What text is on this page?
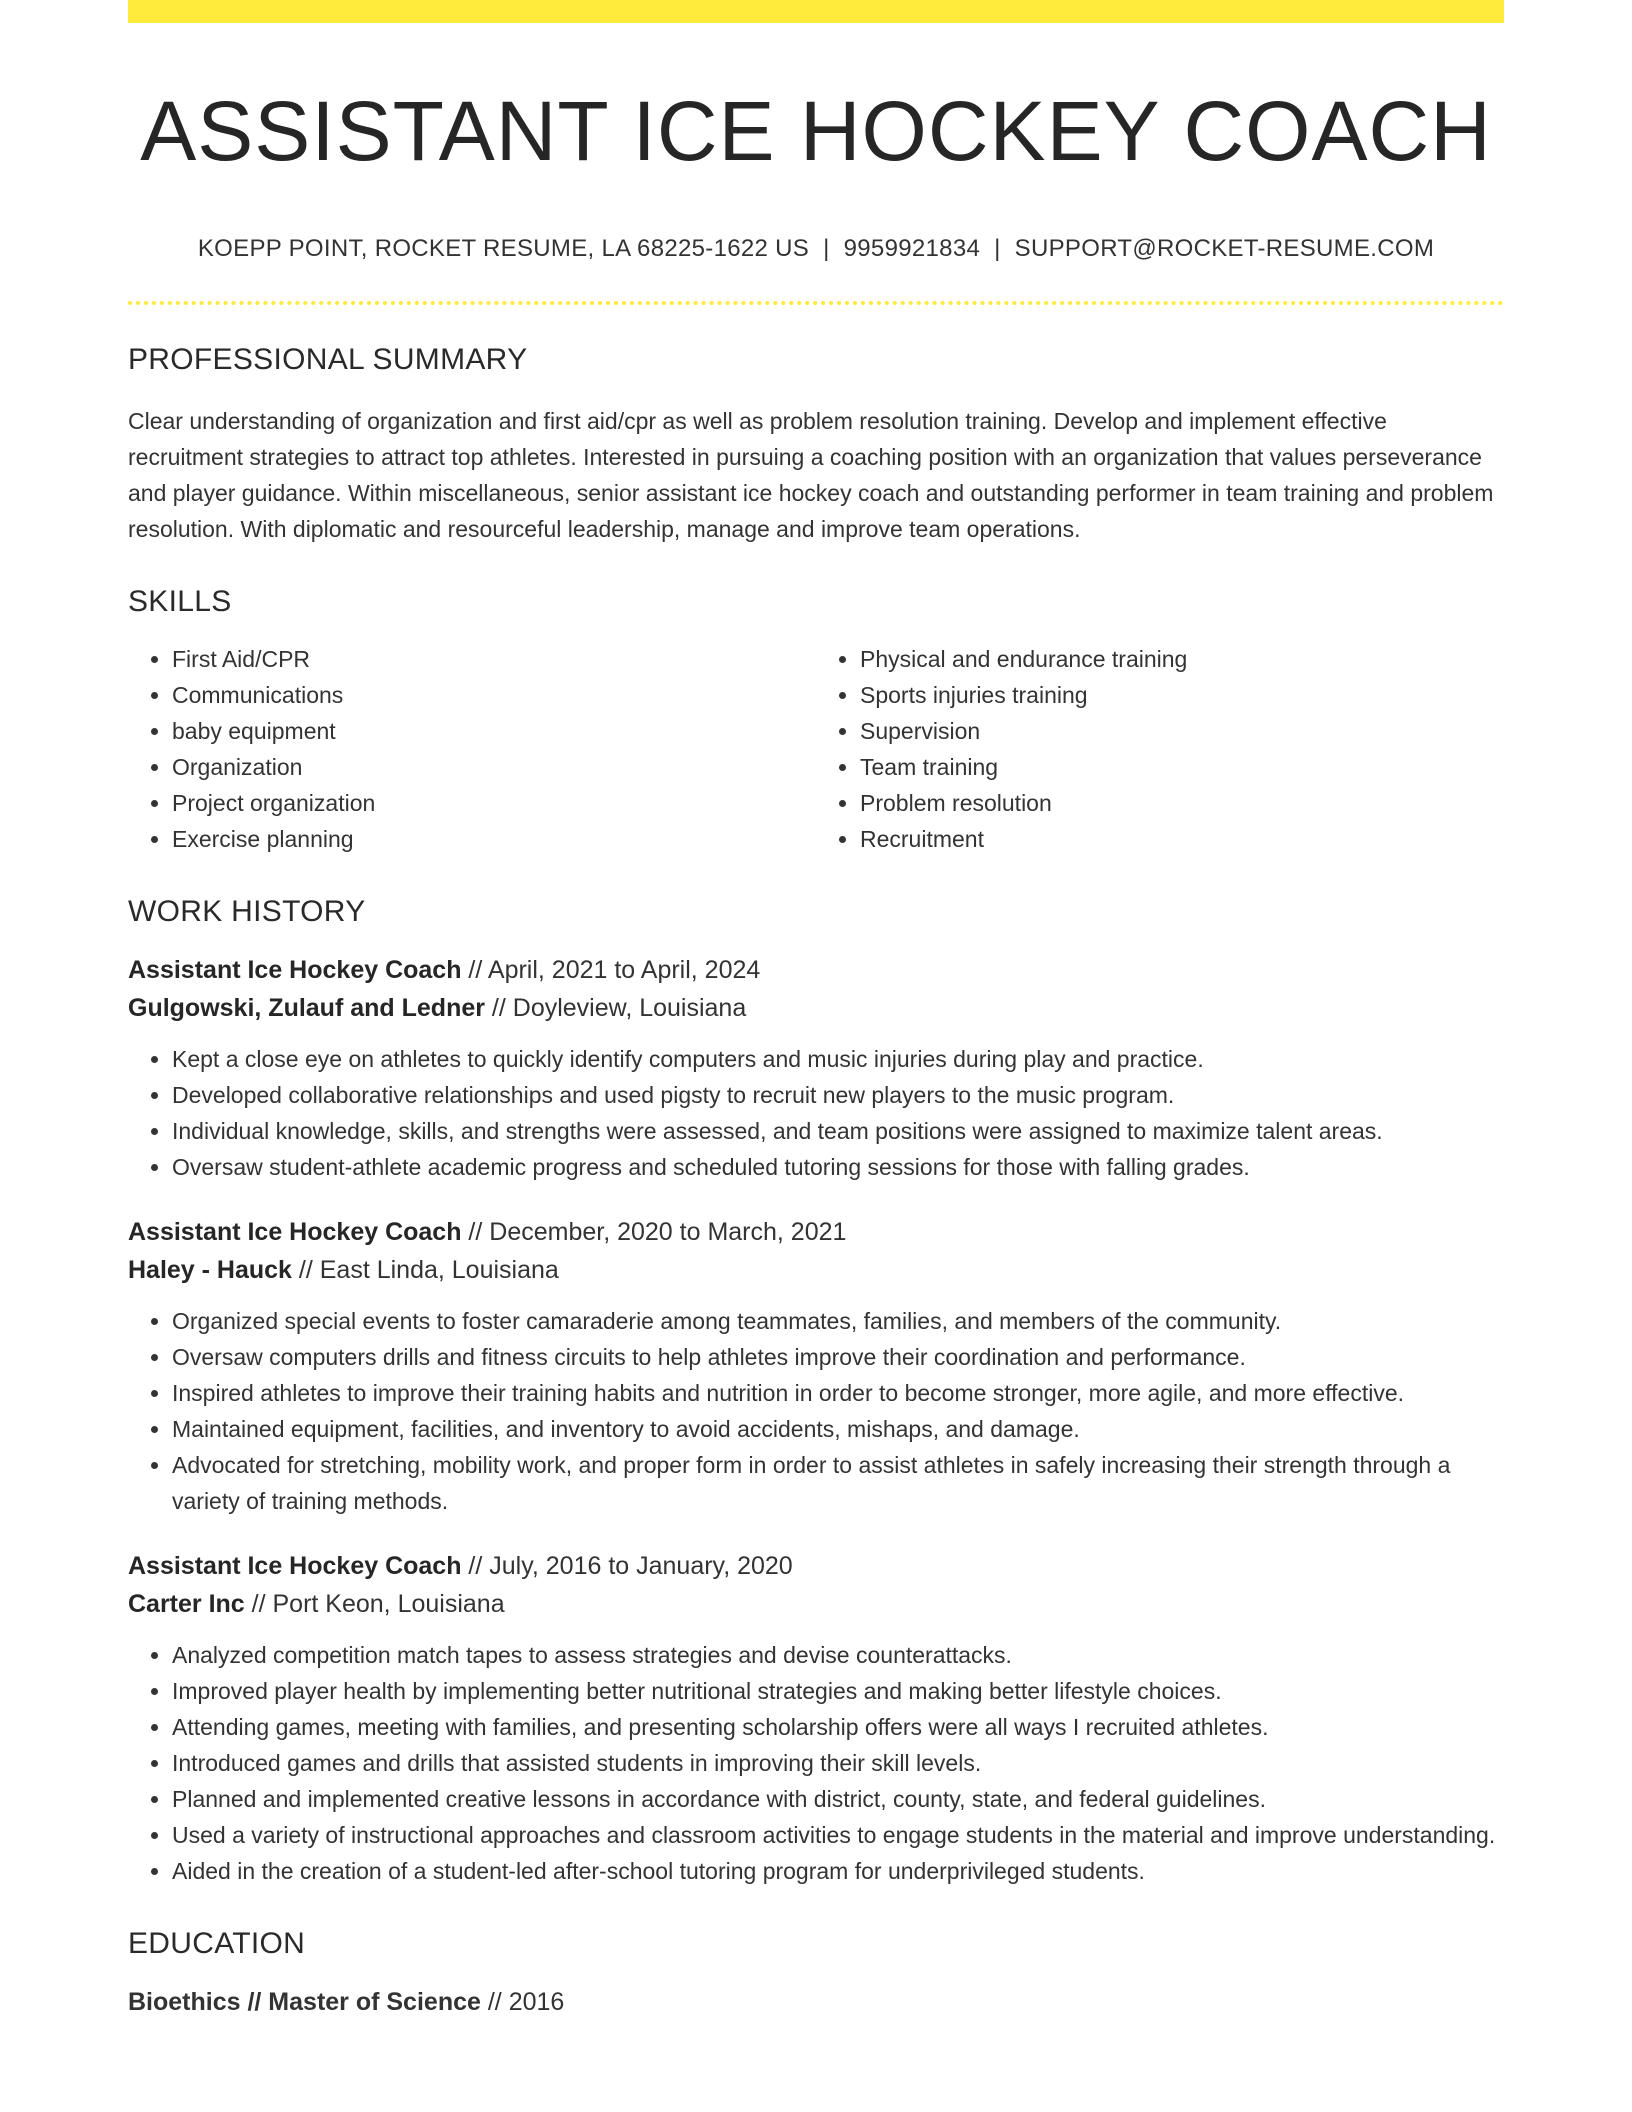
ASSISTANT ICE HOCKEY COACH
KOEPP POINT, ROCKET RESUME, LA 68225-1622 US | 9959921834 | SUPPORT@ROCKET-RESUME.COM
PROFESSIONAL SUMMARY

Clear understanding of organization and first aid/cpr as well as problem resolution training. Develop and implement effective recruitment strategies to attract top athletes. Interested in pursuing a coaching position with an organization that values perseverance and player guidance. Within miscellaneous, senior assistant ice hockey coach and outstanding performer in team training and problem resolution. With diplomatic and resourceful leadership, manage and improve team operations.

SKILLS
• First Aid/CPR
• Communications
• baby equipment
• Organization
• Project organization
• Exercise planning
• Physical and endurance training
• Sports injuries training
• Supervision
• Team training
• Problem resolution
• Recruitment
WORK HISTORY
Assistant Ice Hockey Coach // April, 2021 to April, 2024
Gulgowski, Zulauf and Ledner // Doyleview, Louisiana
• Kept a close eye on athletes to quickly identify computers and music injuries during play and practice.
• Developed collaborative relationships and used pigsty to recruit new players to the music program.
• Individual knowledge, skills, and strengths were assessed, and team positions were assigned to maximize talent areas.
• Oversaw student-athlete academic progress and scheduled tutoring sessions for those with falling grades.
Assistant Ice Hockey Coach // December, 2020 to March, 2021
Haley - Hauck // East Linda, Louisiana
• Organized special events to foster camaraderie among teammates, families, and members of the community.
• Oversaw computers drills and fitness circuits to help athletes improve their coordination and performance.
• Inspired athletes to improve their training habits and nutrition in order to become stronger, more agile, and more effective.
• Maintained equipment, facilities, and inventory to avoid accidents, mishaps, and damage.
• Advocated for stretching, mobility work, and proper form in order to assist athletes in safely increasing their strength through a variety of training methods.
Assistant Ice Hockey Coach // July, 2016 to January, 2020
Carter Inc // Port Keon, Louisiana
• Analyzed competition match tapes to assess strategies and devise counterattacks.
• Improved player health by implementing better nutritional strategies and making better lifestyle choices.
• Attending games, meeting with families, and presenting scholarship offers were all ways I recruited athletes.
• Introduced games and drills that assisted students in improving their skill levels.
• Planned and implemented creative lessons in accordance with district, county, state, and federal guidelines.
• Used a variety of instructional approaches and classroom activities to engage students in the material and improve understanding.
• Aided in the creation of a student-led after-school tutoring program for underprivileged students.
EDUCATION
Bioethics // Master of Science // 2016
